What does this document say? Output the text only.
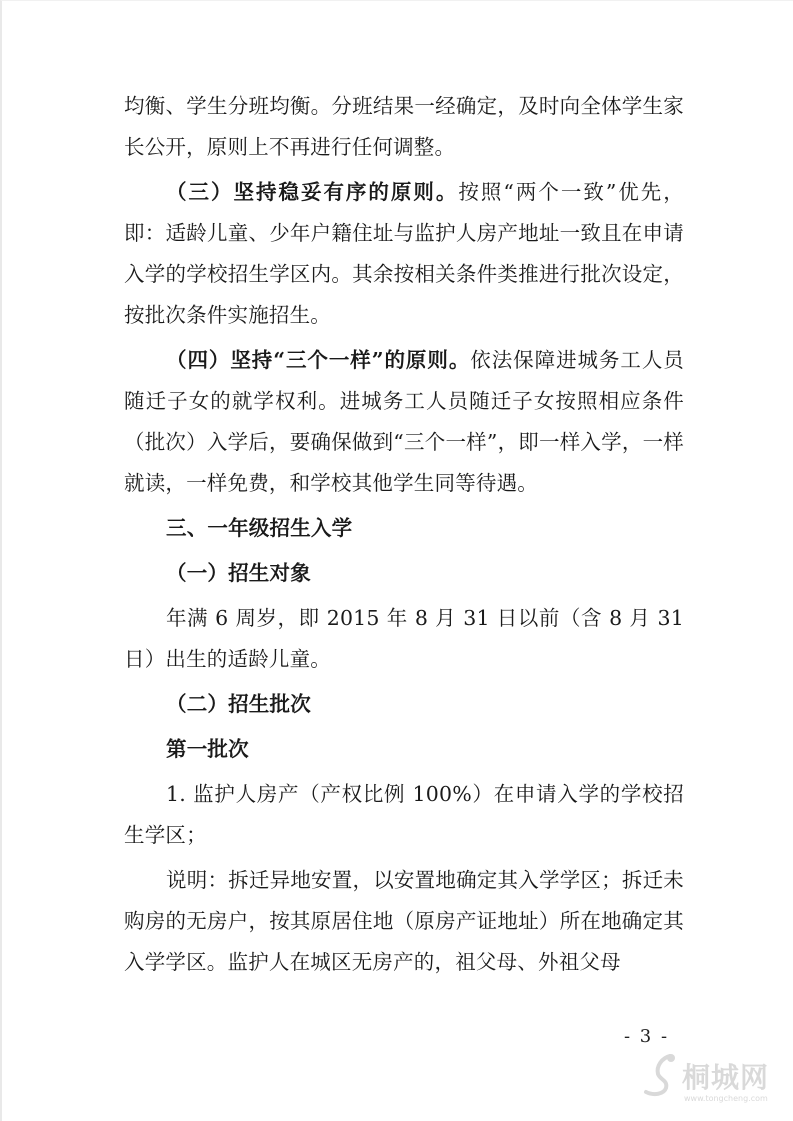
均衡、学生分班均衡。分班结果一经确定，及时向全体学生家长公开，原则上不再进行任何调整。

（三）坚持稳妥有序的原则。按照“两个一致”优先，即：适龄儿童、少年户籍住址与监护人房产地址一致且在申请入学的学校招生学区内。其余按相关条件类推进行批次设定，按批次条件实施招生。

（四）坚持“三个一样”的原则。依法保障进城务工人员随迁子女的就学权利。进城务工人员随迁子女按照相应条件（批次）入学后，要确保做到“三个一样”，即一样入学，一样就读，一样免费，和学校其他学生同等待遇。

三、一年级招生入学

（一）招生对象

年满 6 周岁，即 2015 年 8 月 31 日以前（含 8 月 31 日）出生的适龄儿童。

（二）招生批次

第一批次

1. 监护人房产（产权比例 100%）在申请入学的学校招生学区；

说明：拆迁异地安置，以安置地确定其入学学区；拆迁未购房的无房户，按其原居住地（原房产证地址）所在地确定其入学学区。监护人在城区无房产的，祖父母、外祖父母

- 3 -
桐城网
www.tongcheng.com
